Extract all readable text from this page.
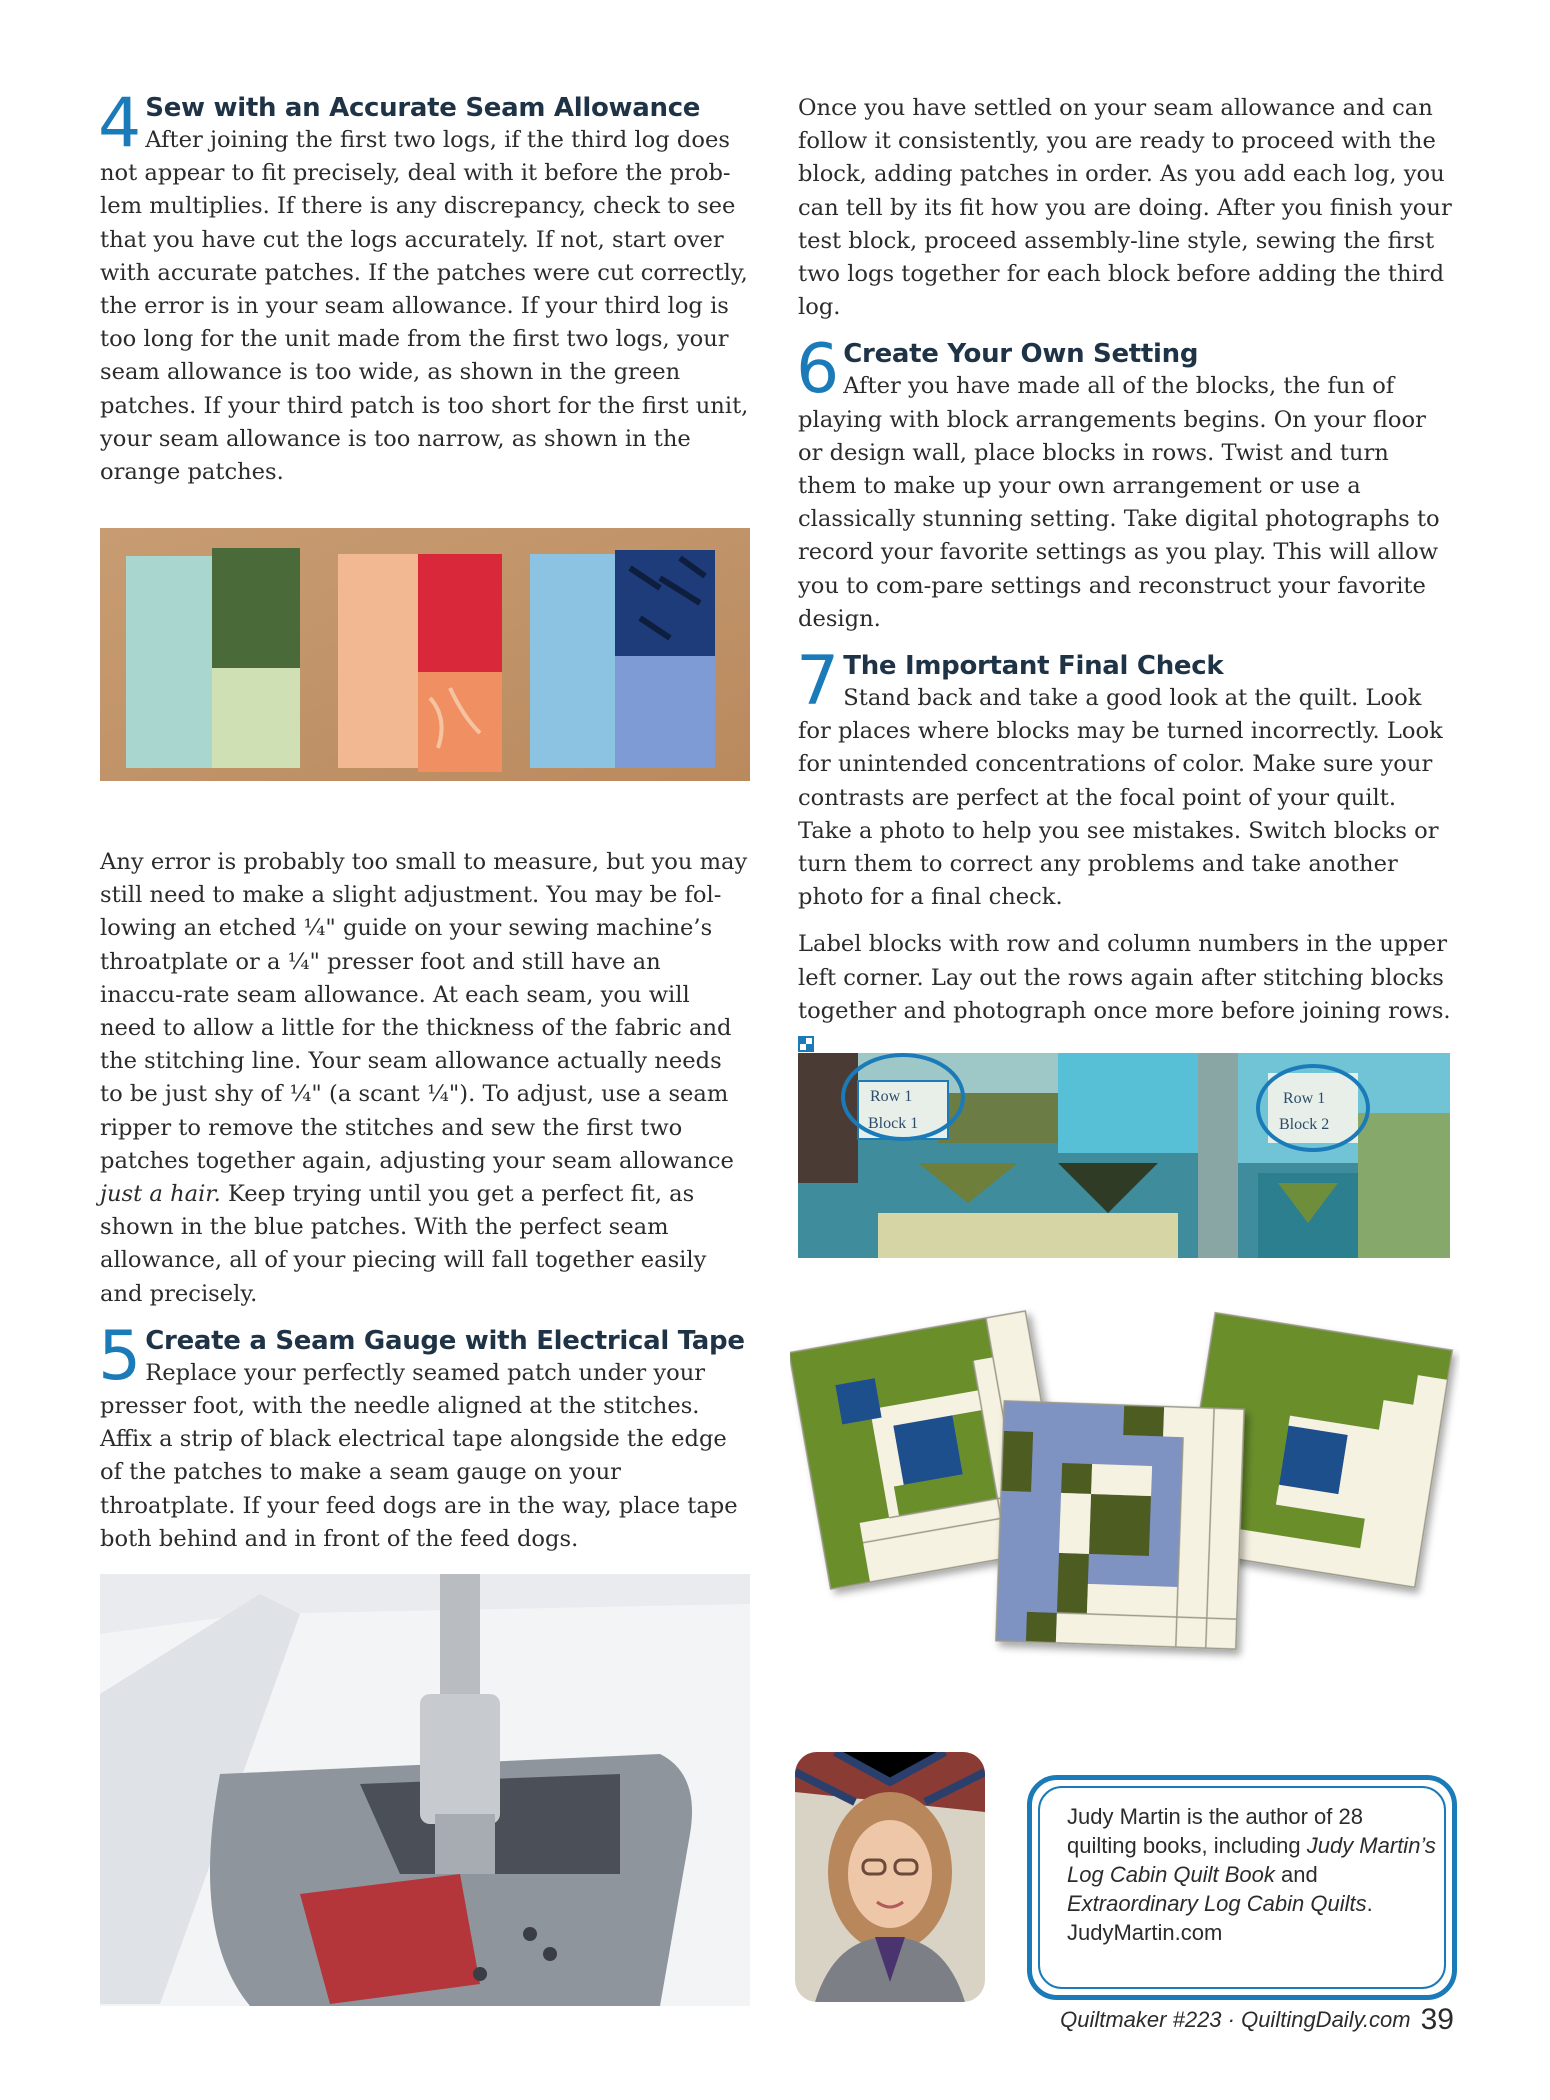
4 Sew with an Accurate Seam Allowance

After joining the first two logs, if the third log does not appear to fit precisely, deal with it before the prob-lem multiplies. If there is any discrepancy, check to see that you have cut the logs accurately. If not, start over with accurate patches. If the patches were cut correctly, the error is in your seam allowance. If your third log is too long for the unit made from the first two logs, your seam allowance is too wide, as shown in the green patches. If your third patch is too short for the first unit, your seam allowance is too narrow, as shown in the orange patches.

Any error is probably too small to measure, but you may still need to make a slight adjustment. You may be fol-lowing an etched ¼" guide on your sewing machine’s throatplate or a ¼" presser foot and still have an inaccu-rate seam allowance. At each seam, you will need to allow a little for the thickness of the fabric and the stitching line. Your seam allowance actually needs to be just shy of ¼" (a scant ¼"). To adjust, use a seam ripper to remove the stitches and sew the first two patches together again, adjusting your seam allowance just a hair. Keep trying until you get a perfect fit, as shown in the blue patches. With the perfect seam allowance, all of your piecing will fall together easily and precisely.

5 Create a Seam Gauge with Electrical Tape

Replace your perfectly seamed patch under your presser foot, with the needle aligned at the stitches. Affix a strip of black electrical tape alongside the edge of the patches to make a seam gauge on your throatplate. If your feed dogs are in the way, place tape both behind and in front of the feed dogs.

Once you have settled on your seam allowance and can follow it consistently, you are ready to proceed with the block, adding patches in order. As you add each log, you can tell by its fit how you are doing. After you finish your test block, proceed assembly-line style, sewing the first two logs together for each block before adding the third log.

6 Create Your Own Setting

After you have made all of the blocks, the fun of playing with block arrangements begins. On your floor or design wall, place blocks in rows. Twist and turn them to make up your own arrangement or use a classically stunning setting. Take digital photographs to record your favorite settings as you play. This will allow you to com-pare settings and reconstruct your favorite design.

7 The Important Final Check

Stand back and take a good look at the quilt. Look for places where blocks may be turned incorrectly. Look for unintended concentrations of color. Make sure your contrasts are perfect at the focal point of your quilt. Take a photo to help you see mistakes. Switch blocks or turn them to correct any problems and take another photo for a final check.

Label blocks with row and column numbers in the upper left corner. Lay out the rows again after stitching blocks together and photograph once more before joining rows.

Row 1
Block 1
Row 1
Block 2
Judy Martin is the author of 28 quilting books, including Judy Martin’s Log Cabin Quilt Book and Extraordinary Log Cabin Quilts.
JudyMartin.com
Quiltmaker #223 · QuiltingDaily.com 39
